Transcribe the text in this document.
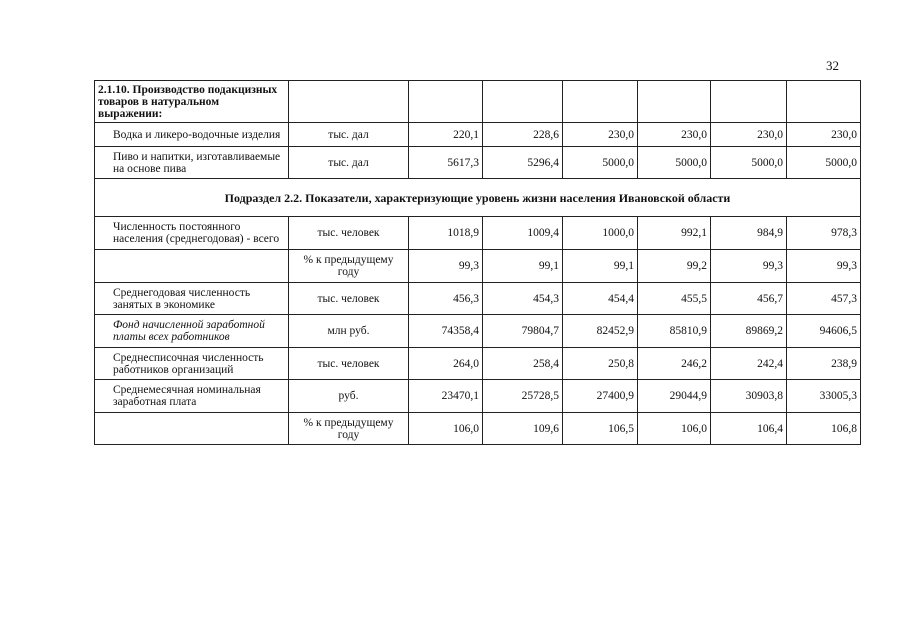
32
2.1.10. Производство подакцизных товаров в натуральном выражении:							
Водка и ликеро-водочные изделия	тыс. дал	220,1	228,6	230,0	230,0	230,0	230,0
Пиво и напитки, изготавливаемые на основе пива	тыс. дал	5617,3	5296,4	5000,0	5000,0	5000,0	5000,0
Подраздел 2.2. Показатели, характеризующие уровень жизни населения Ивановской области							
Численность постоянного населения (среднегодовая) - всего	тыс. человек	1018,9	1009,4	1000,0	992,1	984,9	978,3
	% к предыдущему году	99,3	99,1	99,1	99,2	99,3	99,3
Среднегодовая численность занятых в экономике	тыс. человек	456,3	454,3	454,4	455,5	456,7	457,3
Фонд начисленной заработной платы всех работников	млн руб.	74358,4	79804,7	82452,9	85810,9	89869,2	94606,5
Среднесписочная численность работников организаций	тыс. человек	264,0	258,4	250,8	246,2	242,4	238,9
Среднемесячная номинальная заработная плата	руб.	23470,1	25728,5	27400,9	29044,9	30903,8	33005,3
	% к предыдущему году	106,0	109,6	106,5	106,0	106,4	106,8
